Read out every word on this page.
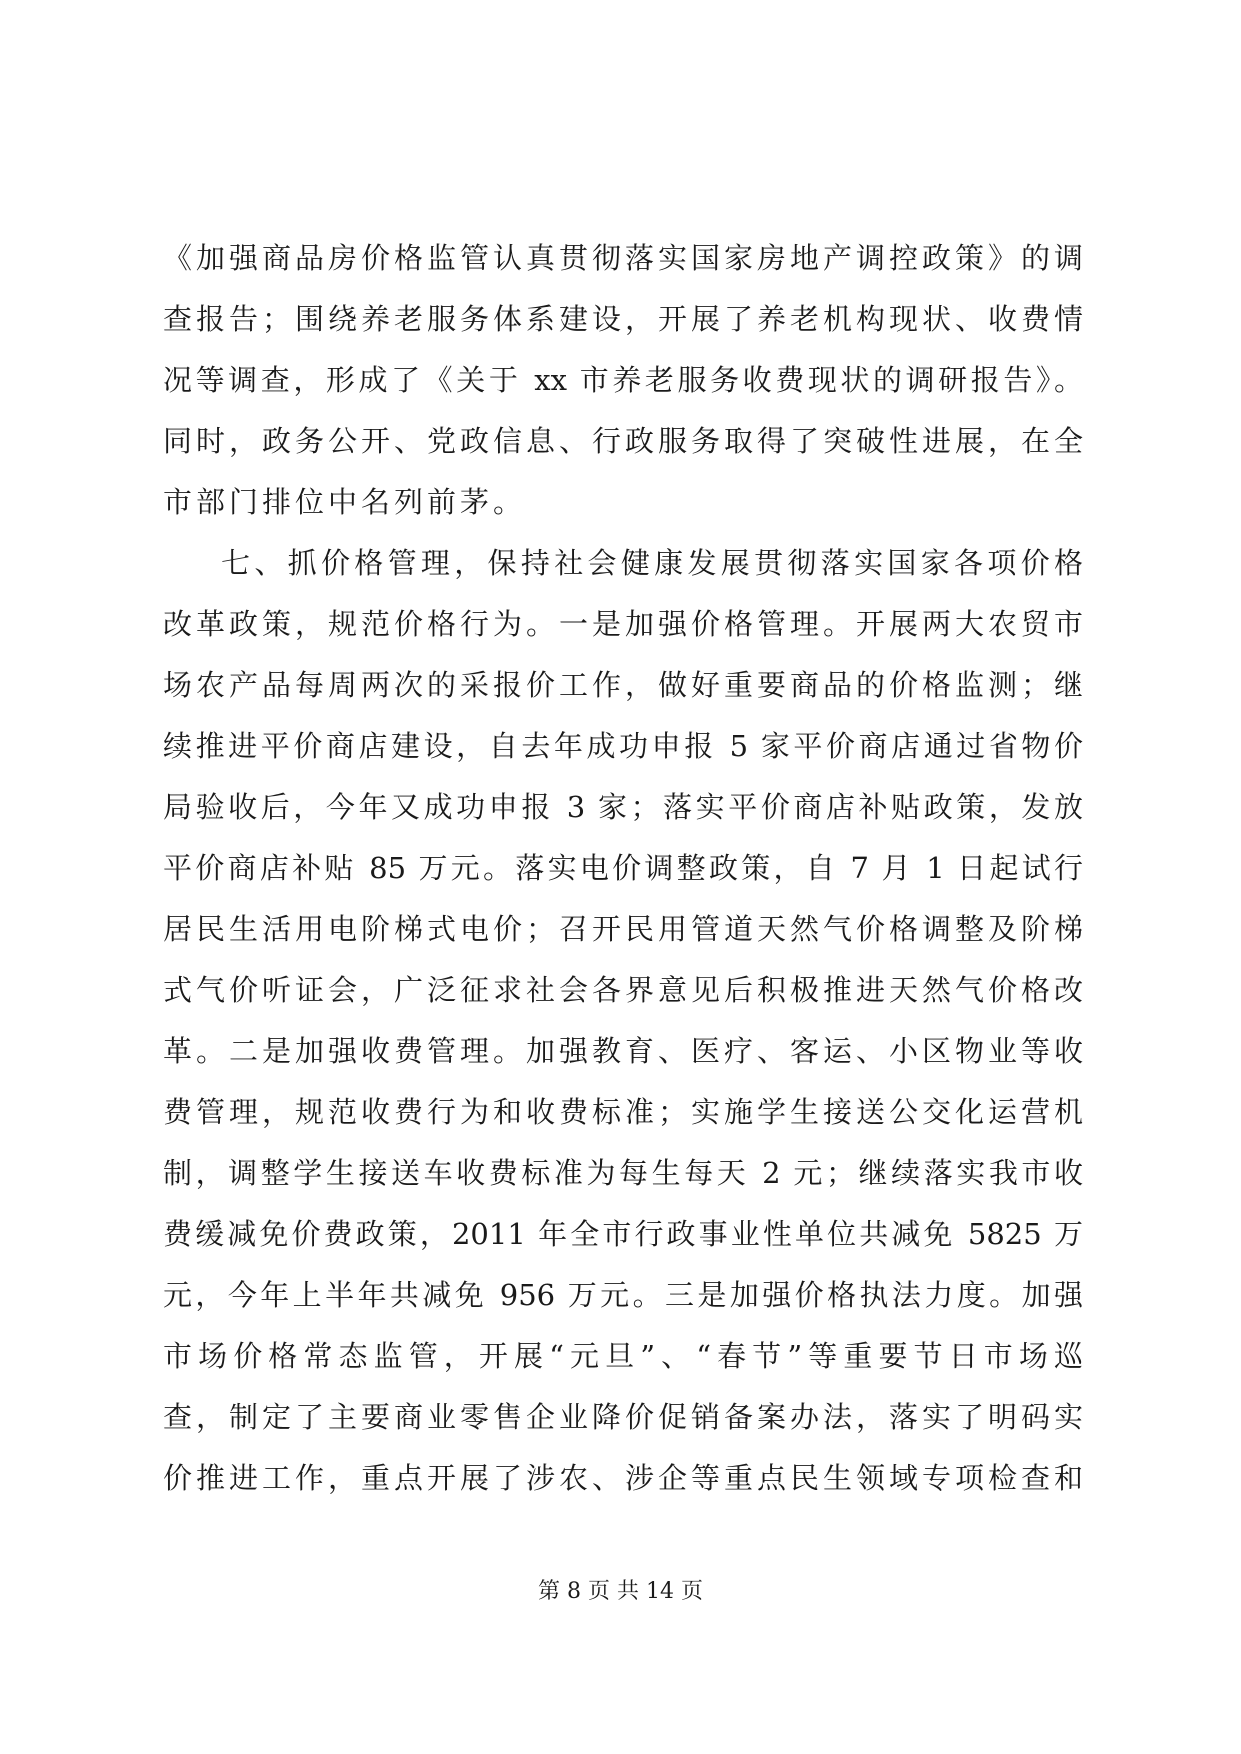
《加强商品房价格监管认真贯彻落实国家房地产调控政策》的调
查报告；围绕养老服务体系建设，开展了养老机构现状、收费情
况等调查，形成了《关于 xx 市养老服务收费现状的调研报告》。
同时，政务公开、党政信息、行政服务取得了突破性进展，在全
市部门排位中名列前茅。
七、抓价格管理，保持社会健康发展贯彻落实国家各项价格
改革政策，规范价格行为。一是加强价格管理。开展两大农贸市
场农产品每周两次的采报价工作，做好重要商品的价格监测；继
续推进平价商店建设，自去年成功申报 5 家平价商店通过省物价
局验收后，今年又成功申报 3 家；落实平价商店补贴政策，发放
平价商店补贴 85 万元。落实电价调整政策，自 7 月 1 日起试行
居民生活用电阶梯式电价；召开民用管道天然气价格调整及阶梯
式气价听证会，广泛征求社会各界意见后积极推进天然气价格改
革。二是加强收费管理。加强教育、医疗、客运、小区物业等收
费管理，规范收费行为和收费标准；实施学生接送公交化运营机
制，调整学生接送车收费标准为每生每天 2 元；继续落实我市收
费缓减免价费政策，2011 年全市行政事业性单位共减免 5825 万
元，今年上半年共减免 956 万元。三是加强价格执法力度。加强
市场价格常态监管，开展“元旦”、“春节”等重要节日市场巡
查，制定了主要商业零售企业降价促销备案办法，落实了明码实
价推进工作，重点开展了涉农、涉企等重点民生领域专项检查和
第 8 页 共 14 页
